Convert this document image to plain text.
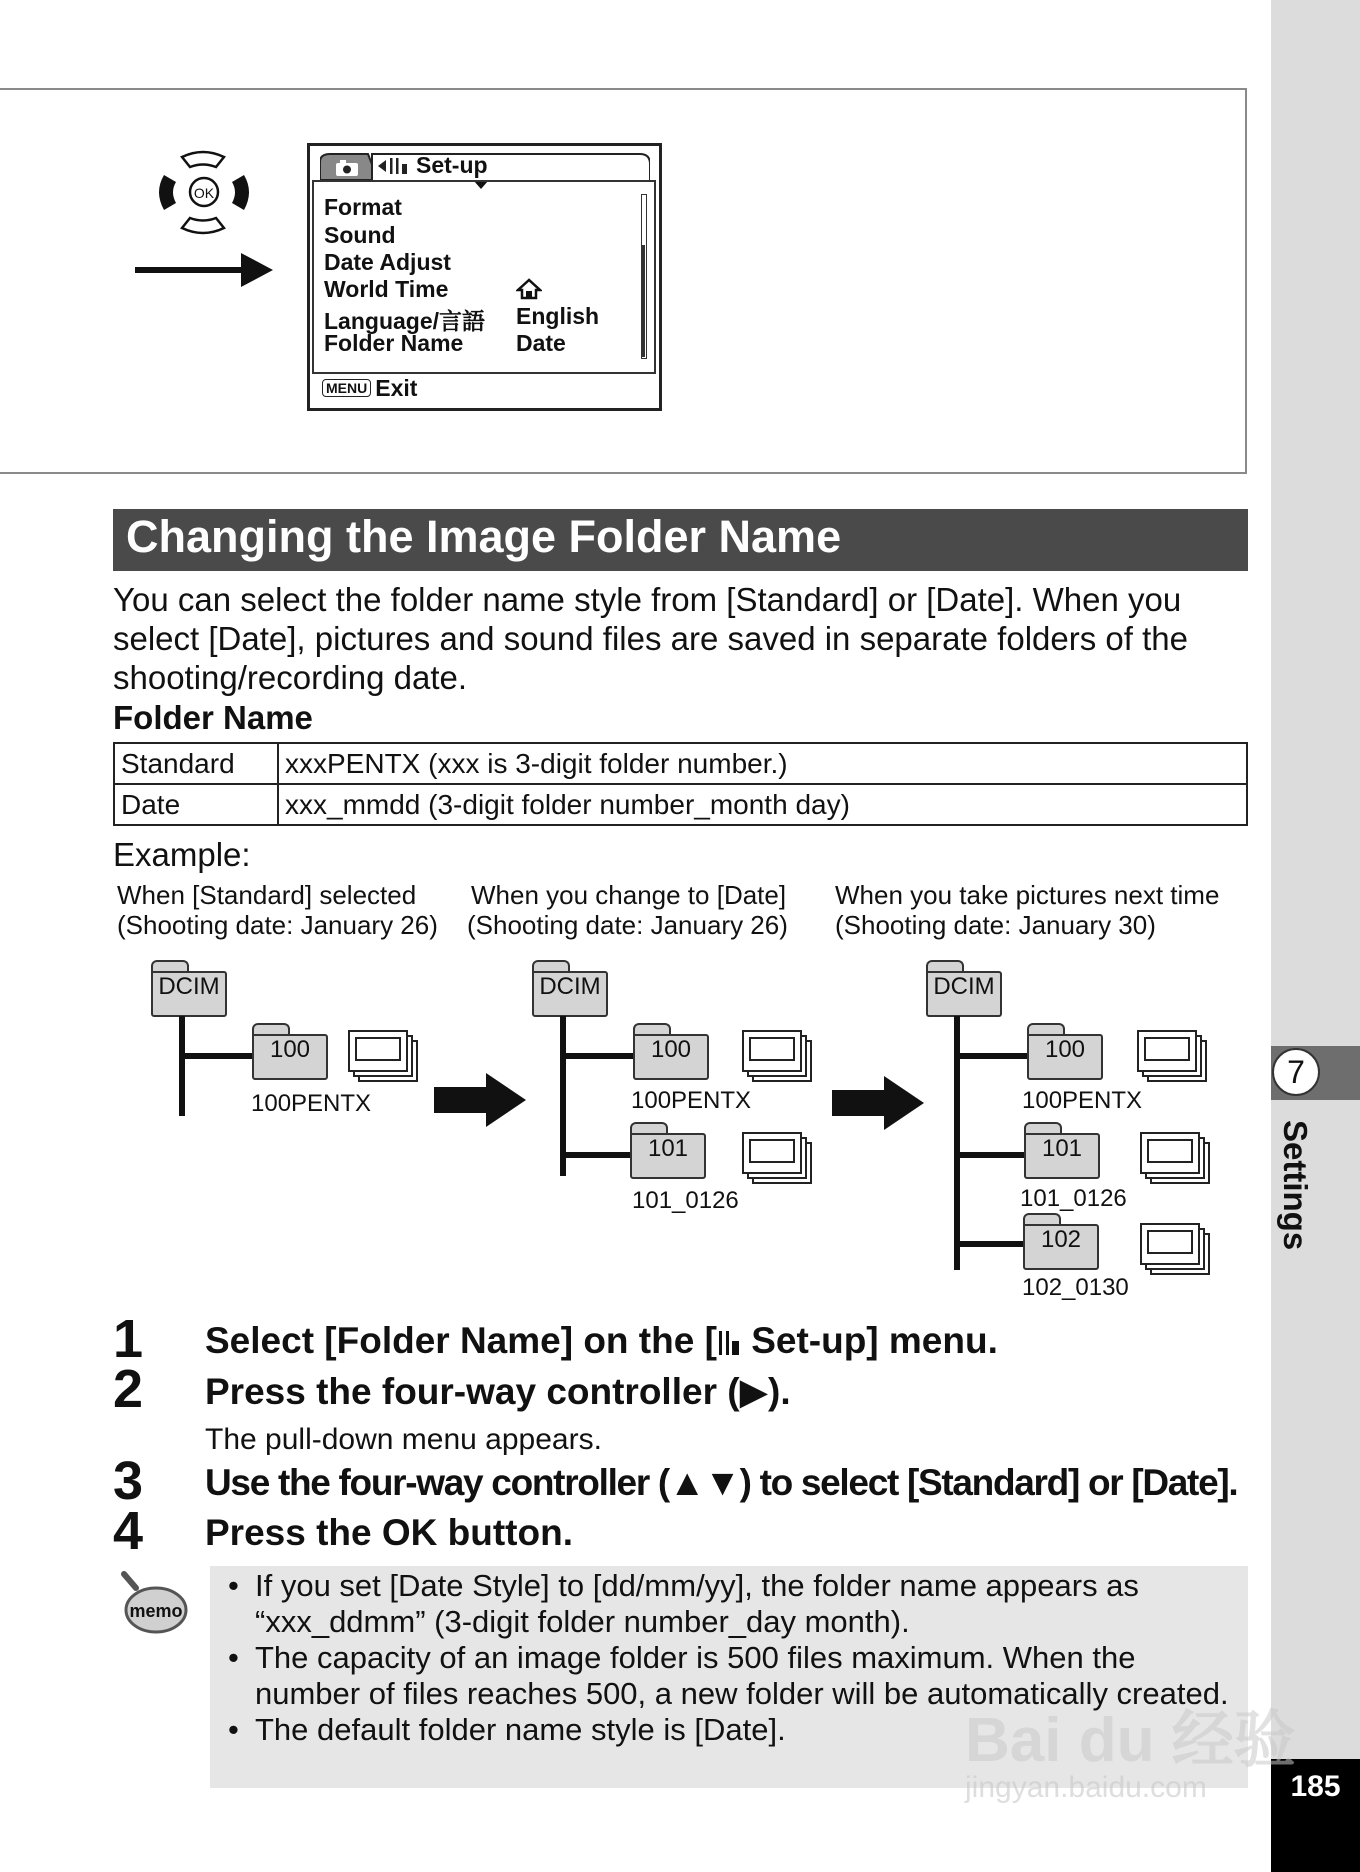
7
Settings
185
OK
Set-up
Format
Sound
Date Adjust
World Time
Language/言語 English
Folder Name Date
MENU Exit
Changing the Image Folder Name
You can select the folder name style from [Standard] or [Date]. When you select [Date], pictures and sound files are saved in separate folders of the shooting/recording date.
Folder Name
Standard	xxxPENTX (xxx is 3-digit folder number.)
Date	xxx_mmdd (3-digit folder number_month day)
Example:
When [Standard] selected
(Shooting date: January 26)
When you change to [Date]
(Shooting date: January 26)
When you take pictures next time
(Shooting date: January 30)
DCIM
100
100PENTX
DCIM
100
100PENTX
101
101_0126
DCIM
100
100PENTX
101
101_0126
102
102_0130
1 Select [Folder Name] on the [ Set-up] menu.
2 Press the four-way controller (▶).
The pull-down menu appears.
3 Use the four-way controller (▲▼) to select [Standard] or [Date].
4 Press the OK button.
memo
• If you set [Date Style] to [dd/mm/yy], the folder name appears as “xxx_ddmm” (3-digit folder number_day month).
• The capacity of an image folder is 500 files maximum. When the number of files reaches 500, a new folder will be automatically created.
• The default folder name style is [Date].	Bai du 经验
jingyan.baidu.com
